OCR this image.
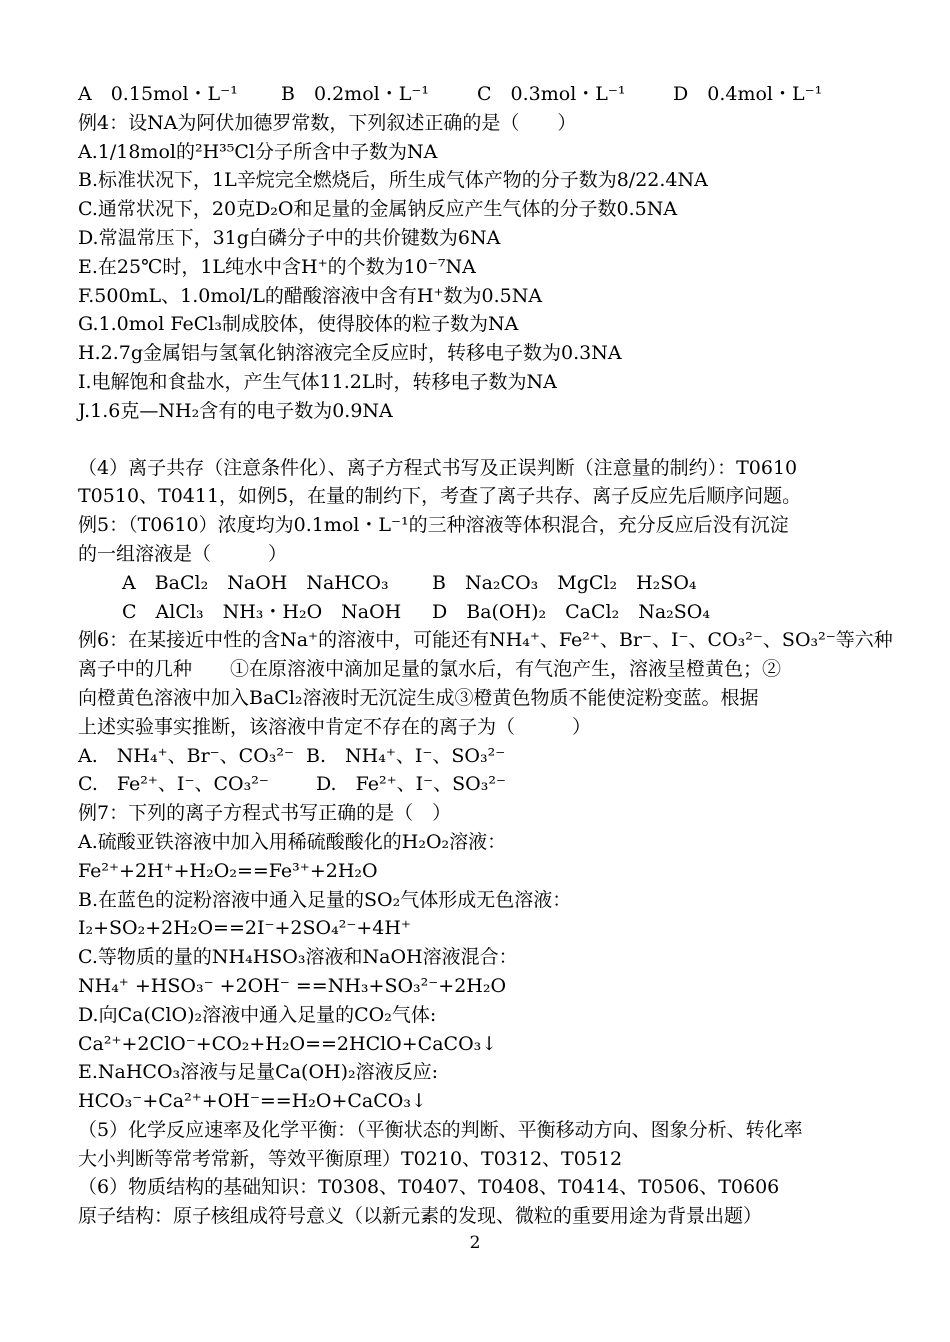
A　0.15mol・L⁻¹ B　0.2mol・L⁻¹	C　0.3mol・L⁻¹ D　0.4mol・L⁻¹
例4：设NA为阿伏加德罗常数，下列叙述正确的是（　　）
A.1/18mol的²H³⁵Cl分子所含中子数为NA
B.标准状况下，1L辛烷完全燃烧后，所生成气体产物的分子数为8/22.4NA
C.通常状况下，20克D₂O和足量的金属钠反应产生气体的分子数0.5NA
D.常温常压下，31g白磷分子中的共价键数为6NA
E.在25℃时，1L纯水中含H⁺的个数为10⁻⁷NA
F.500mL、1.0mol/L的醋酸溶液中含有H⁺数为0.5NA
G.1.0mol FeCl₃制成胶体，使得胶体的粒子数为NA
H.2.7g金属铝与氢氧化钠溶液完全反应时，转移电子数为0.3NA
I.电解饱和食盐水，产生气体11.2L时，转移电子数为NA
J.1.6克—NH₂含有的电子数为0.9NA
（4）离子共存（注意条件化）、离子方程式书写及正误判断（注意量的制约）：T0610
T0510、T0411，如例5，在量的制约下，考查了离子共存、离子反应先后顺序问题。
例5：（T0610）浓度均为0.1mol・L⁻¹的三种溶液等体积混合，充分反应后没有沉淀
的一组溶液是（　　　）
A　BaCl₂　NaOH　NaHCO₃ B　Na₂CO₃　MgCl₂　H₂SO₄
C　AlCl₃　NH₃・H₂O　NaOH D　Ba(OH)₂　CaCl₂　Na₂SO₄
例6：在某接近中性的含Na⁺的溶液中，可能还有NH₄⁺、Fe²⁺、Br⁻、I⁻、CO₃²⁻、SO₃²⁻等六种
离子中的几种　　①在原溶液中滴加足量的氯水后，有气泡产生，溶液呈橙黄色；②
向橙黄色溶液中加入BaCl₂溶液时无沉淀生成③橙黄色物质不能使淀粉变蓝。根据
上述实验事实推断，该溶液中肯定不存在的离子为（　　　）
A.　NH₄⁺、Br⁻、CO₃²⁻ B.　NH₄⁺、I⁻、SO₃²⁻
C.　Fe²⁺、I⁻、CO₃²⁻ D.　Fe²⁺、I⁻、SO₃²⁻
例7：下列的离子方程式书写正确的是（　）
A.硫酸亚铁溶液中加入用稀硫酸酸化的H₂O₂溶液：
Fe²⁺+2H⁺+H₂O₂==Fe³⁺+2H₂O
B.在蓝色的淀粉溶液中通入足量的SO₂气体形成无色溶液：
I₂+SO₂+2H₂O==2I⁻+2SO₄²⁻+4H⁺
C.等物质的量的NH₄HSO₃溶液和NaOH溶液混合：
NH₄⁺ +HSO₃⁻ +2OH⁻ ==NH₃+SO₃²⁻+2H₂O
D.向Ca(ClO)₂溶液中通入足量的CO₂气体:
Ca²⁺+2ClO⁻+CO₂+H₂O==2HClO+CaCO₃↓
E.NaHCO₃溶液与足量Ca(OH)₂溶液反应:
HCO₃⁻+Ca²⁺+OH⁻==H₂O+CaCO₃↓
（5）化学反应速率及化学平衡：（平衡状态的判断、平衡移动方向、图象分析、转化率
大小判断等常考常新，等效平衡原理）T0210、T0312、T0512
（6）物质结构的基础知识：T0308、T0407、T0408、T0414、T0506、T0606
原子结构：原子核组成符号意义（以新元素的发现、微粒的重要用途为背景出题）
2
